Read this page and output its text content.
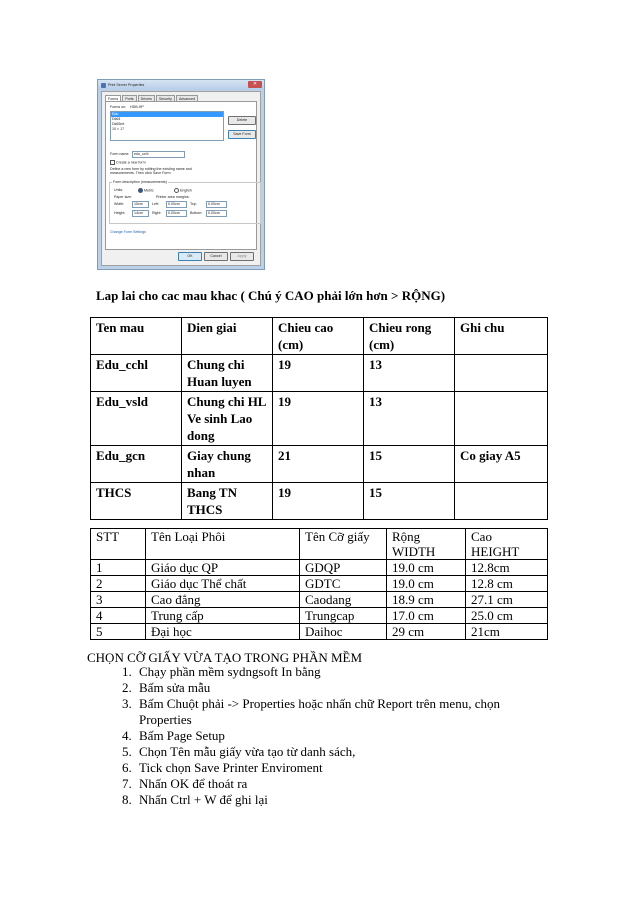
Print Server Properties	✕
Forms	Ports	Drivers	Security	Advanced
Forms on: HDB-HP
Edu
Dk64
Dk65mt
10 × 17
Delete
Save Form
Form name:	edu_cchl
Create a new form
Define a new form by editing the existing name and measurements. Then click Save Form.
Form description (measurements)
Units:	Metric	English
Paper size:	Printer area margins:
Width:	15cm	Left:	0.00cm	Top:	0.00cm
Height:	14cm	Right:	0.00cm	Bottom:	0.00cm
Change Form Settings
OK	Cancel	Apply
Lap lai cho cac mau khac ( Chú ý CAO phải lớn hơn > RỘNG)
Ten mau	Dien giai	Chieu cao (cm)	Chieu rong (cm)	Ghi chu
Edu_cchl	Chung chi Huan luyen	19	13	
Edu_vsld	Chung chi HL Ve sinh Lao dong	19	13	
Edu_gcn	Giay chung nhan	21	15	Co giay A5
THCS	Bang TN THCS	19	15	
STT	Tên Loại Phôi	Tên Cỡ giấy	Rộng WIDTH	Cao HEIGHT
1	Giáo dục QP	GDQP	19.0 cm	12.8cm
2	Giáo dục Thể chất	GDTC	19.0 cm	12.8 cm
3	Cao đẳng	Caodang	18.9 cm	27.1 cm
4	Trung cấp	Trungcap	17.0 cm	25.0 cm
5	Đại học	Daihoc	29 cm	21cm
CHỌN CỠ GIẤY VỪA TẠO TRONG PHẦN MỀM
1. Chạy phần mềm sydngsoft In bằng
2. Bấm sửa mẫu
3. Bấm Chuột phải -> Properties hoặc nhấn chữ Report trên menu, chọn Properties
4. Bấm Page Setup
5. Chọn Tên mẫu giấy vừa tạo từ danh sách,
6. Tick chọn Save Printer Enviroment
7. Nhấn OK để thoát ra
8. Nhấn Ctrl + W để ghi lại
